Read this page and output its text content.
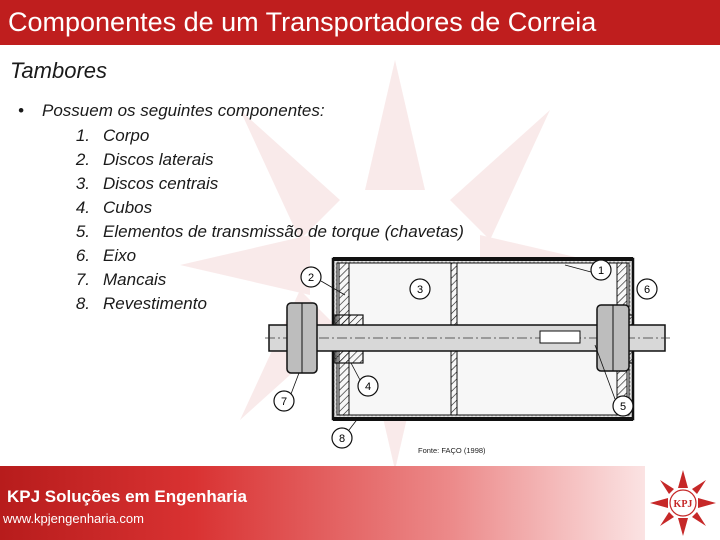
Componentes de um Transportadores de Correia
Tambores
• Possuem os seguintes componentes:
1. Corpo
2. Discos laterais
3. Discos centrais
4. Cubos
5. Elementos de transmissão de torque (chavetas)
6. Eixo
7. Mancais
8. Revestimento
1
2
3
4
5
6
7
8
Fonte: FAÇO (1998)
KPJ Soluções em Engenharia
www.kpjengenharia.com
KPJ
